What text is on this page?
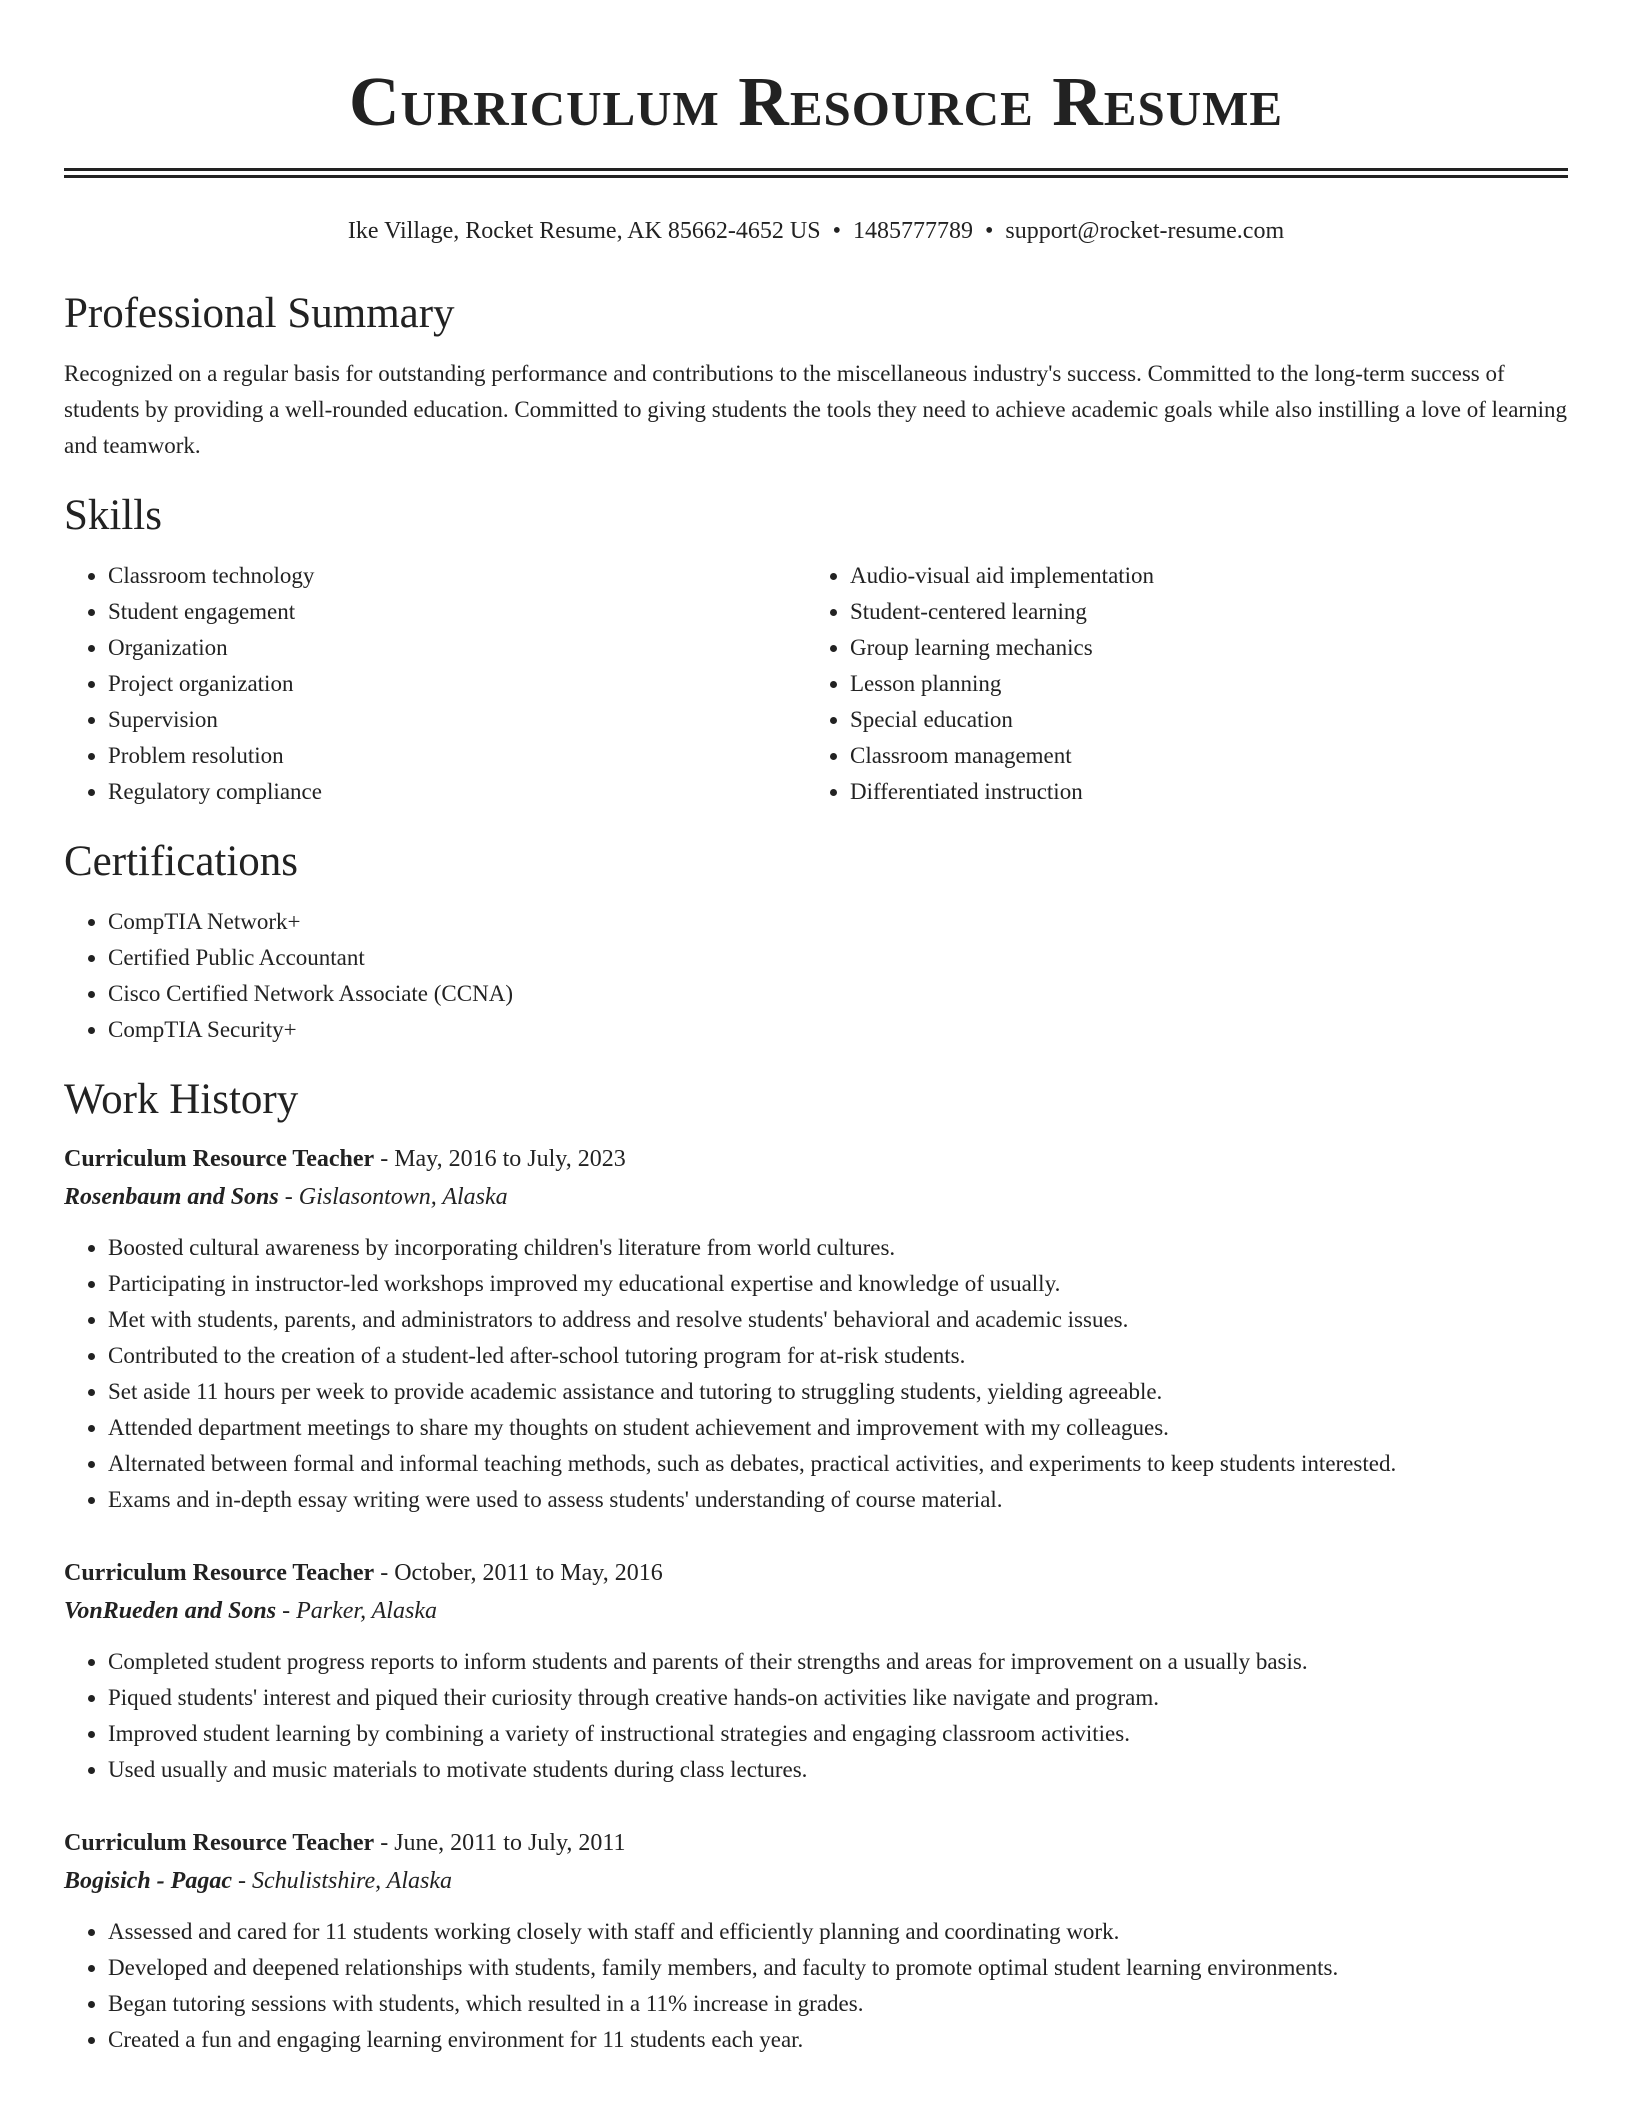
Curriculum Resource Resume
Ike Village, Rocket Resume, AK 85662-4652 US • 1485777789 • support@rocket-resume.com
Professional Summary

Recognized on a regular basis for outstanding performance and contributions to the miscellaneous industry's success. Committed to the long-term success of students by providing a well-rounded education. Committed to giving students the tools they need to achieve academic goals while also instilling a love of learning and teamwork.

Skills
• Classroom technology
• Student engagement
• Organization
• Project organization
• Supervision
• Problem resolution
• Regulatory compliance
• Audio-visual aid implementation
• Student-centered learning
• Group learning mechanics
• Lesson planning
• Special education
• Classroom management
• Differentiated instruction
Certifications
• CompTIA Network+
• Certified Public Accountant
• Cisco Certified Network Associate (CCNA)
• CompTIA Security+
Work History
Curriculum Resource Teacher - May, 2016 to July, 2023
Rosenbaum and Sons - Gislasontown, Alaska
• Boosted cultural awareness by incorporating children's literature from world cultures.
• Participating in instructor-led workshops improved my educational expertise and knowledge of usually.
• Met with students, parents, and administrators to address and resolve students' behavioral and academic issues.
• Contributed to the creation of a student-led after-school tutoring program for at-risk students.
• Set aside 11 hours per week to provide academic assistance and tutoring to struggling students, yielding agreeable.
• Attended department meetings to share my thoughts on student achievement and improvement with my colleagues.
• Alternated between formal and informal teaching methods, such as debates, practical activities, and experiments to keep students interested.
• Exams and in-depth essay writing were used to assess students' understanding of course material.
Curriculum Resource Teacher - October, 2011 to May, 2016
VonRueden and Sons - Parker, Alaska
• Completed student progress reports to inform students and parents of their strengths and areas for improvement on a usually basis.
• Piqued students' interest and piqued their curiosity through creative hands-on activities like navigate and program.
• Improved student learning by combining a variety of instructional strategies and engaging classroom activities.
• Used usually and music materials to motivate students during class lectures.
Curriculum Resource Teacher - June, 2011 to July, 2011
Bogisich - Pagac - Schulistshire, Alaska
• Assessed and cared for 11 students working closely with staff and efficiently planning and coordinating work.
• Developed and deepened relationships with students, family members, and faculty to promote optimal student learning environments.
• Began tutoring sessions with students, which resulted in a 11% increase in grades.
• Created a fun and engaging learning environment for 11 students each year.
